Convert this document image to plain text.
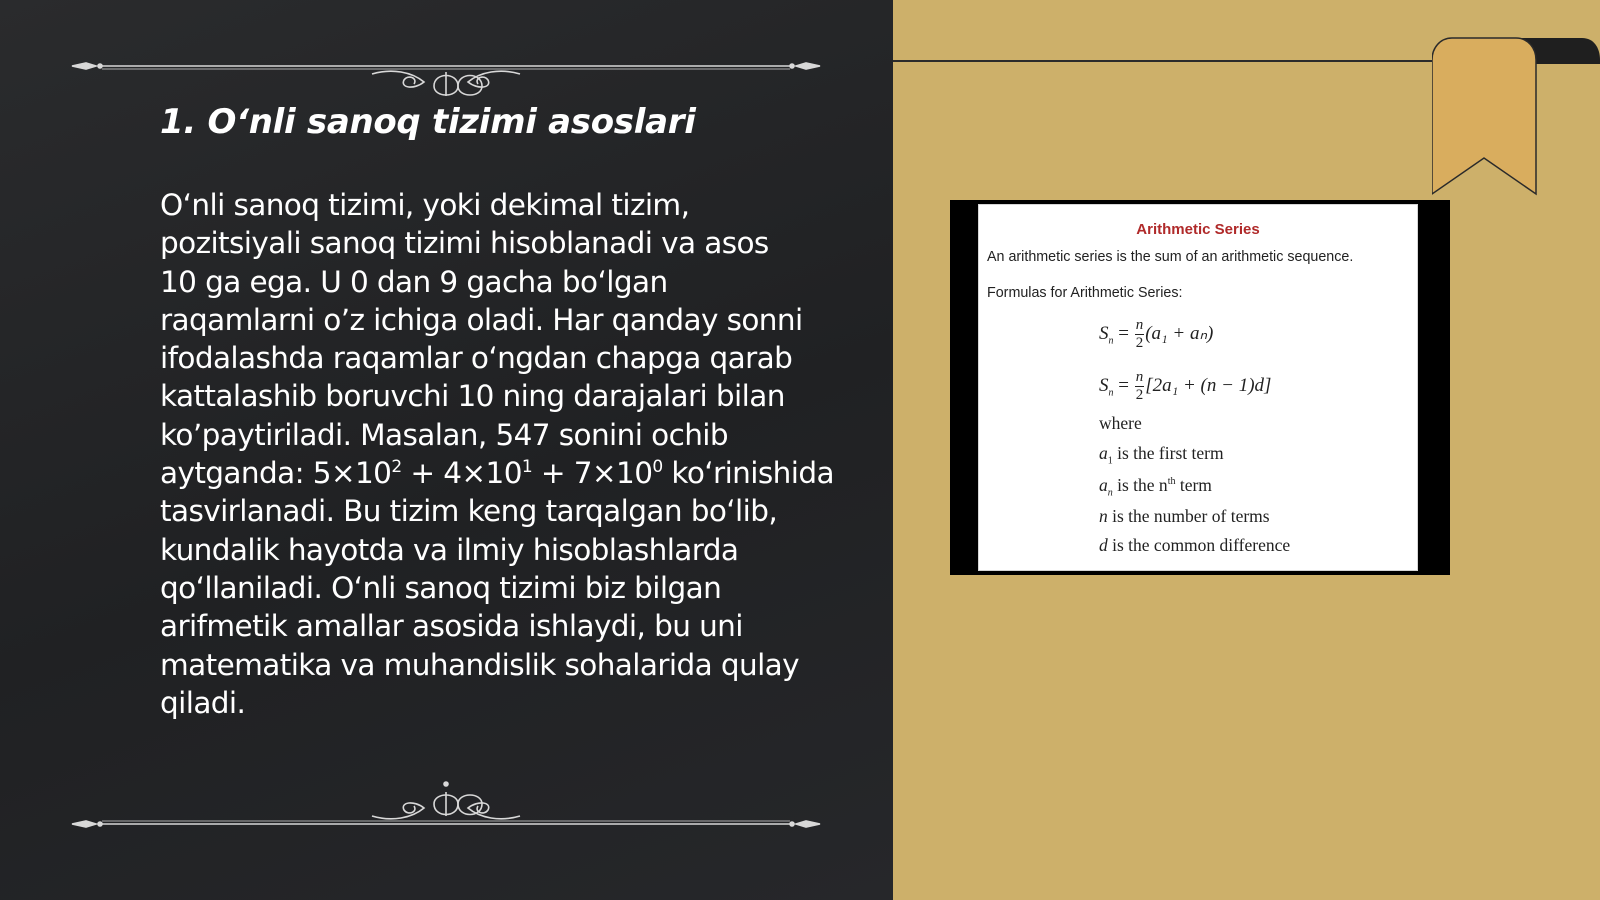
1. O‘nli sanoq tizimi asoslari
O‘nli sanoq tizimi, yoki dekimal tizim,
pozitsiyali sanoq tizimi hisoblanadi va asos
10 ga ega. U 0 dan 9 gacha bo‘lgan
raqamlarni o’z ichiga oladi. Har qanday sonni
ifodalashda raqamlar o‘ngdan chapga qarab
kattalashib boruvchi 10 ning darajalari bilan
ko’paytiriladi. Masalan, 547 sonini ochib
aytganda: $5\times 10^2 + 4\times 10^1 + 7\times 10^0$ ko‘rinishida
tasvirlanadi. Bu tizim keng tarqalgan bo‘lib,
kundalik hayotda va ilmiy hisoblashlarda
qo‘llaniladi. O‘nli sanoq tizimi biz bilgan
arifmetik amallar asosida ishlaydi, bu uni
matematika va muhandislik sohalarida qulay
qiladi.

Arithmetic Series

An arithmetic series is the sum of an arithmetic sequence.

Formulas for Arithmetic Series:

$S_n = \frac{n}{2} (a_1 + a_n)$
$S_n = \frac{n}{2} [2a_1 + (n - 1)d]$

where

$a_1$ is the first term

$a_n$ is the $n^{th}$ term

n is the number of terms

d is the common difference
